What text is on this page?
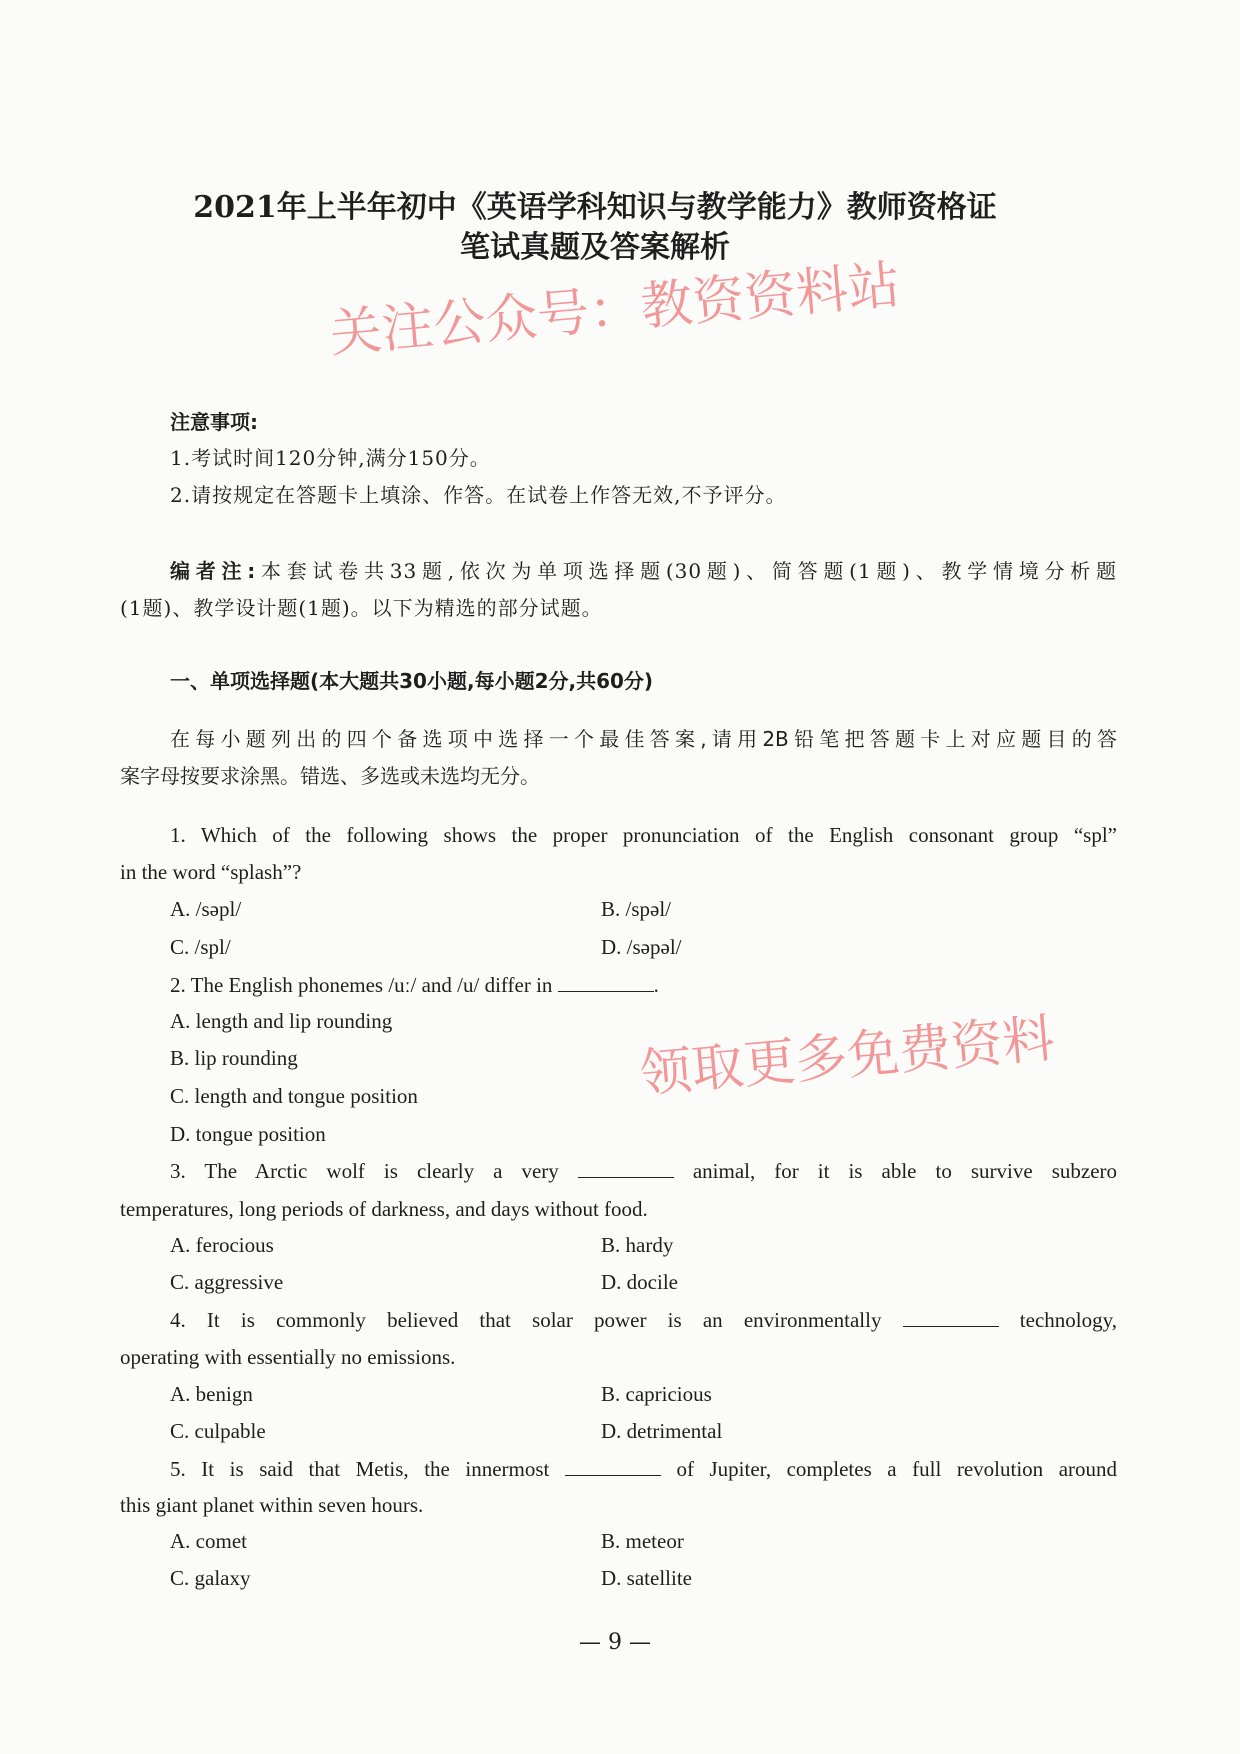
2021年上半年初中《英语学科知识与教学能力》教师资格证
笔试真题及答案解析
注意事项:
1.考试时间120分钟,满分150分。
2.请按规定在答题卡上填涂、作答。在试卷上作答无效,不予评分。
编者注:本套试卷共33题,依次为单项选择题(30题)、简答题(1题)、教学情境分析题
(1题)、教学设计题(1题)。以下为精选的部分试题。
一、单项选择题(本大题共30小题,每小题2分,共60分)
在每小题列出的四个备选项中选择一个最佳答案,请用2B铅笔把答题卡上对应题目的答
案字母按要求涂黑。错选、多选或未选均无分。
1. Which of the following shows the proper pronunciation of the English consonant group “spl”
in the word “splash”?
A. /səpl/	B. /spəl/
C. /spl/	D. /səpəl/
2. The English phonemes /uː/ and /u/ differ in	.
A. length and lip rounding
B. lip rounding
C. length and tongue position
D. tongue position
3. The Arctic wolf is clearly a very	animal, for it is able to survive subzero
temperatures, long periods of darkness, and days without food.
A. ferocious	B. hardy
C. aggressive	D. docile
4. It is commonly believed that solar power is an environmentally	technology,
operating with essentially no emissions.
A. benign	B. capricious
C. culpable	D. detrimental
5. It is said that Metis, the innermost	of Jupiter, completes a full revolution around
this giant planet within seven hours.
A. comet	B. meteor
C. galaxy	D. satellite
— 9 —
关注公众号：教资资料站
领取更多免费资料
